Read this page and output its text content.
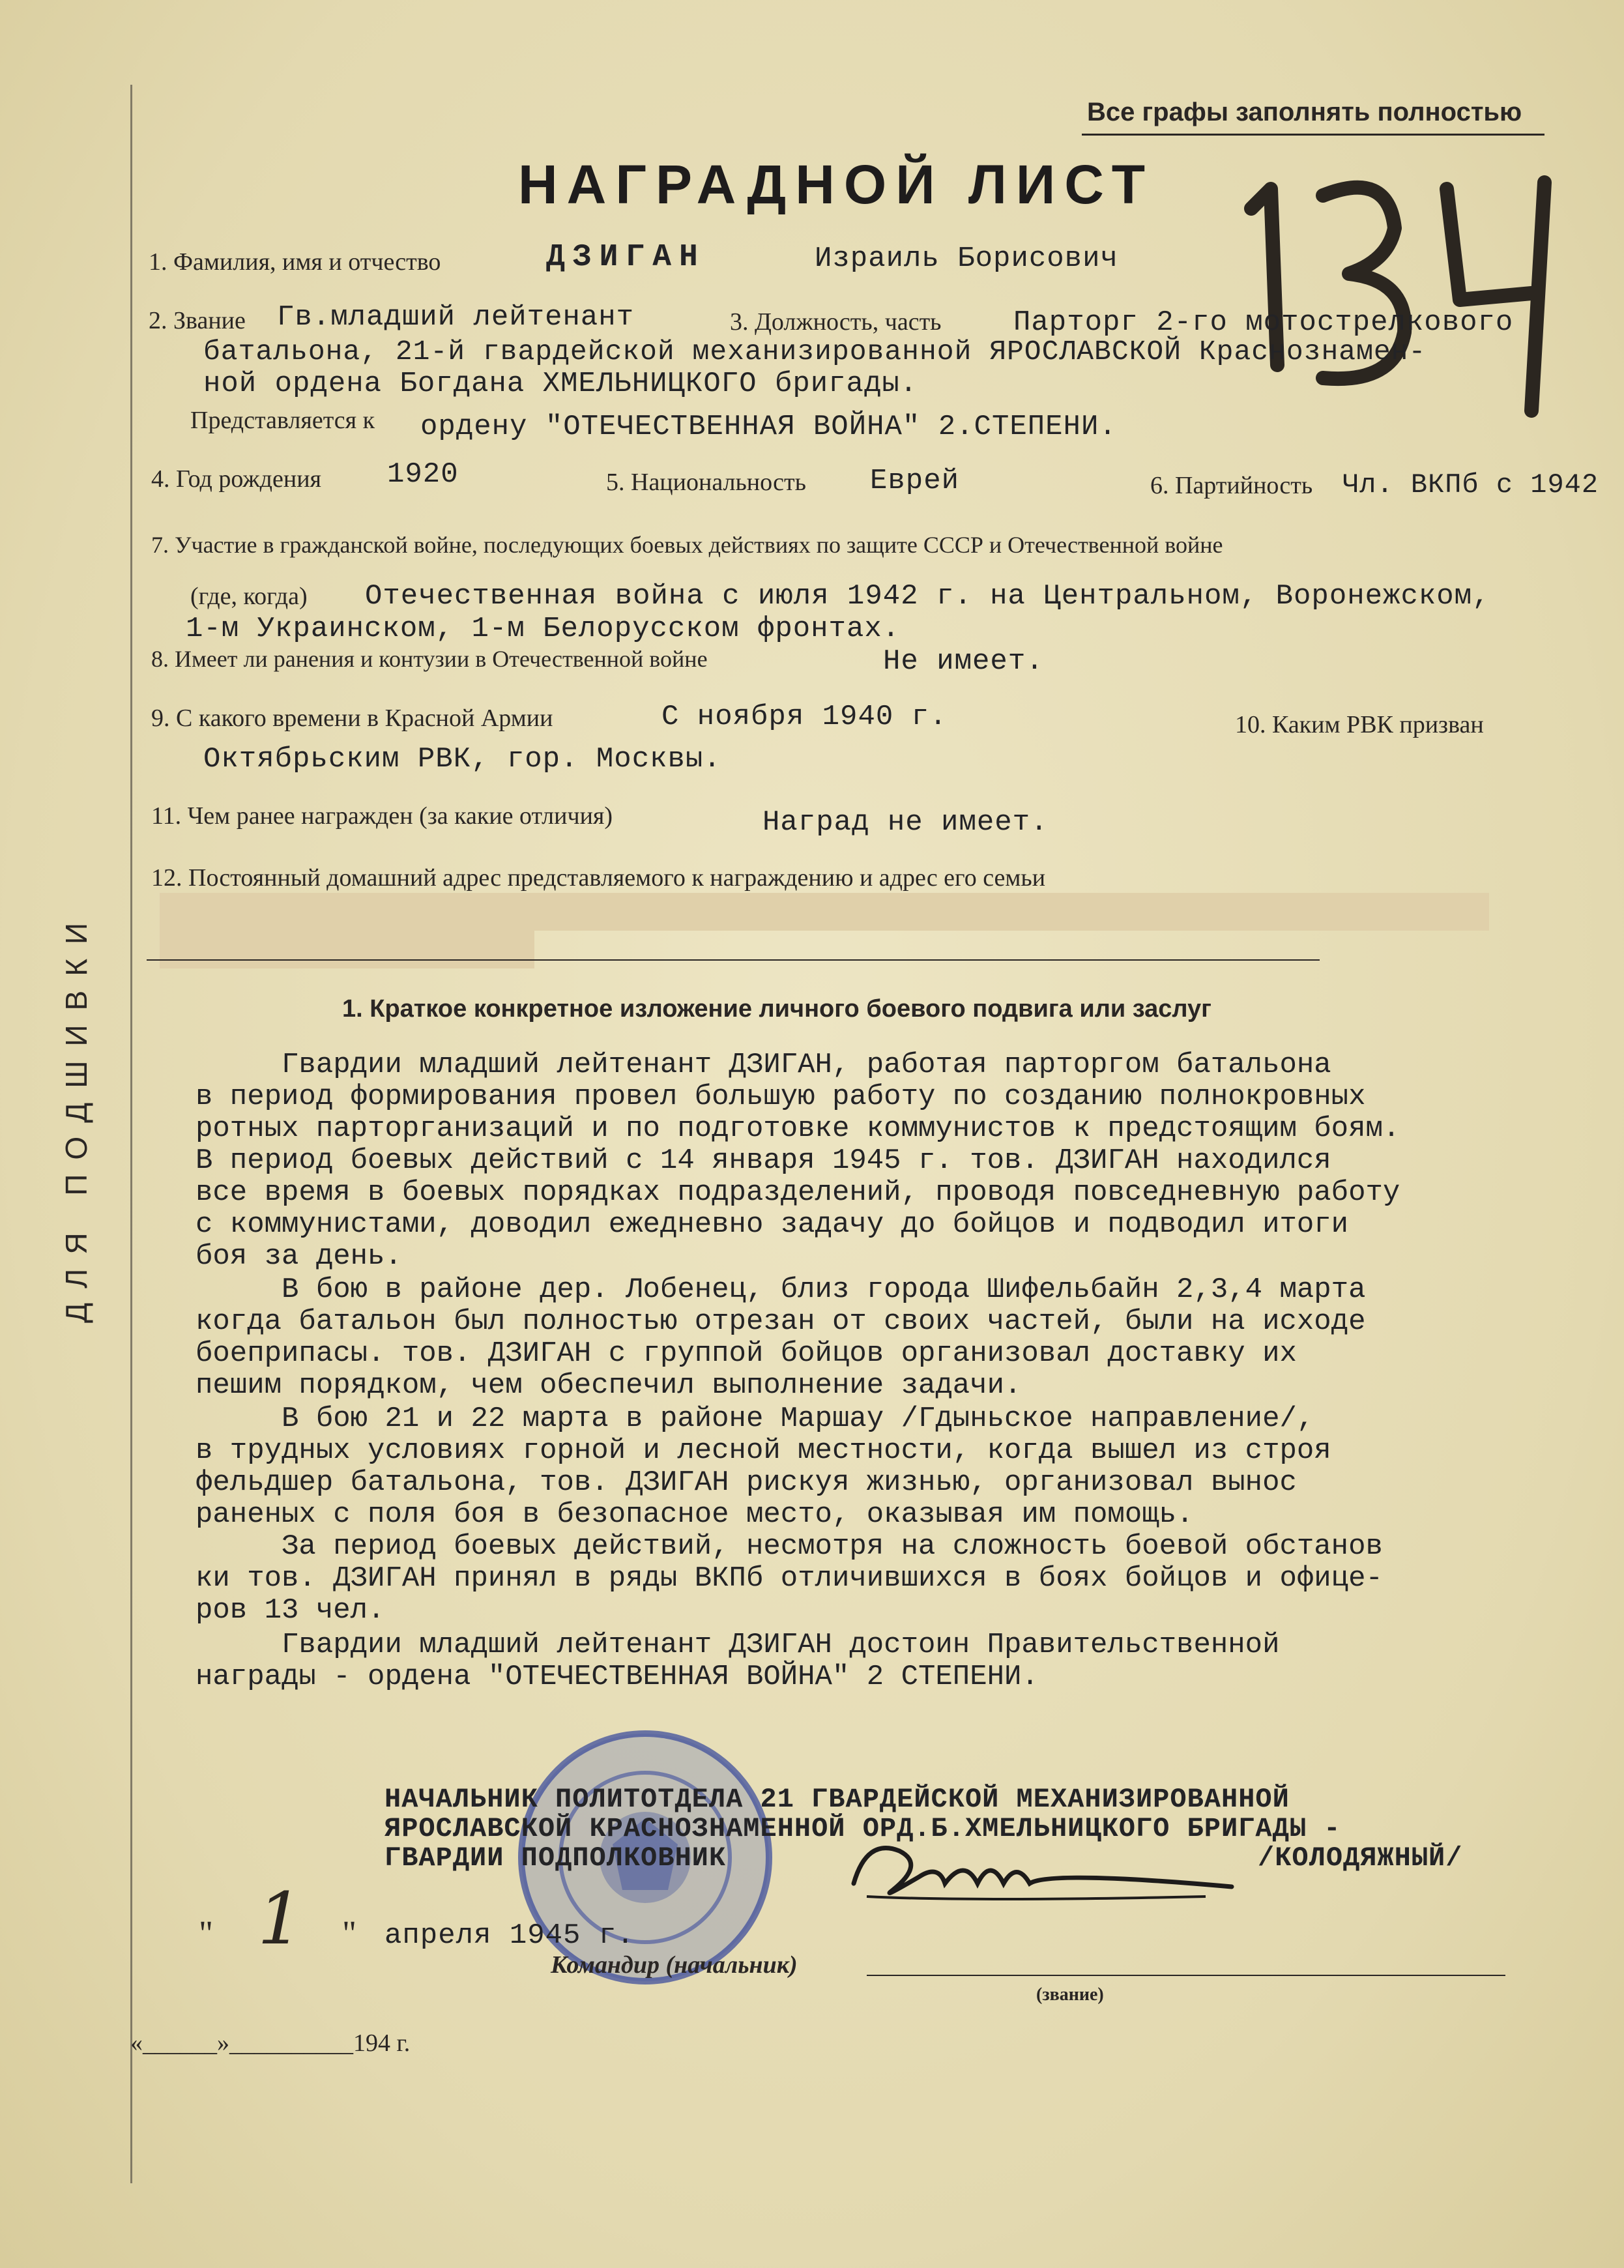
ДЛЯ ПОДШИВКИ
Все графы заполнять полностью
НАГРАДНОЙ ЛИСТ
134
1. Фамилия, имя и отчество	ДЗИГАН	Израиль Борисович
2. Звание Гв.младший лейтенант	3. Должность, часть	Парторг 2-го мотострелкового
батальона, 21-й гвардейской механизированной ЯРОСЛАВСКОЙ Краснознамен-
ной ордена Богдана ХМЕЛЬНИЦКОГО бригады.
Представляется к ордену "ОТЕЧЕСТВЕННАЯ ВОЙНА" 2.СТЕПЕНИ.
4. Год рождения 1920	5. Национальность Еврей	6. Партийность Чл. ВКПб с 1942
7. Участие в гражданской войне, последующих боевых действиях по защите СССР и Отечественной войне
(где, когда) Отечественная война с июля 1942 г. на Центральном, Воронежском,
1-м Украинском, 1-м Белорусском фронтах.
8. Имеет ли ранения и контузии в Отечественной войне	Не имеет.
9. С какого времени в Красной Армии	С ноября 1940 г.	10. Каким РВК призван
Октябрьским РВК, гор. Москвы.
11. Чем ранее награжден (за какие отличия)	Наград не имеет.
12. Постоянный домашний адрес представляемого к награждению и адрес его семьи
1. Краткое конкретное изложение личного боевого подвига или заслуг
Гвардии младший лейтенант ДЗИГАН, работая парторгом батальона
в период формирования провел большую работу по созданию полнокровных
ротных парторганизаций и по подготовке коммунистов к предстоящим боям.
В период боевых действий с 14 января 1945 г. тов. ДЗИГАН находился
все время в боевых порядках подразделений, проводя повседневную работу
с коммунистами, доводил ежедневно задачу до бойцов и подводил итоги
боя за день.
В бою в районе дер. Лобенец, близ города Шифельбайн 2,3,4 марта
когда батальон был полностью отрезан от своих частей, были на исходе
боеприпасы. тов. ДЗИГАН с группой бойцов организовал доставку их
пешим порядком, чем обеспечил выполнение задачи.
В бою 21 и 22 марта в районе Маршау /Гдыньское направление/,
в трудных условиях горной и лесной местности, когда вышел из строя
фельдшер батальона, тов. ДЗИГАН рискуя жизнью, организовал вынос
раненых с поля боя в безопасное место, оказывая им помощь.
За период боевых действий, несмотря на сложность боевой обстанов
ки тов. ДЗИГАН принял в ряды ВКПб отличившихся в боях бойцов и офице-
ров 13 чел.
Гвардии младший лейтенант ДЗИГАН достоин Правительственной
награды - ордена "ОТЕЧЕСТВЕННАЯ ВОЙНА" 2 СТЕПЕНИ.
НАЧАЛЬНИК ПОЛИТОТДЕЛА 21 ГВАРДЕЙСКОЙ МЕХАНИЗИРОВАННОЙ
ЯРОСЛАВСКОЙ КРАСНОЗНАМЕННОЙ ОРД.Б.ХМЕЛЬНИЦКОГО БРИГАДЫ -
ГВАРДИИ ПОДПОЛКОВНИК	/КОЛОДЯЖНЫЙ/
" 1 " апреля 1945 г.
Командир (начальник)
(звание)
«______»__________194 г.
